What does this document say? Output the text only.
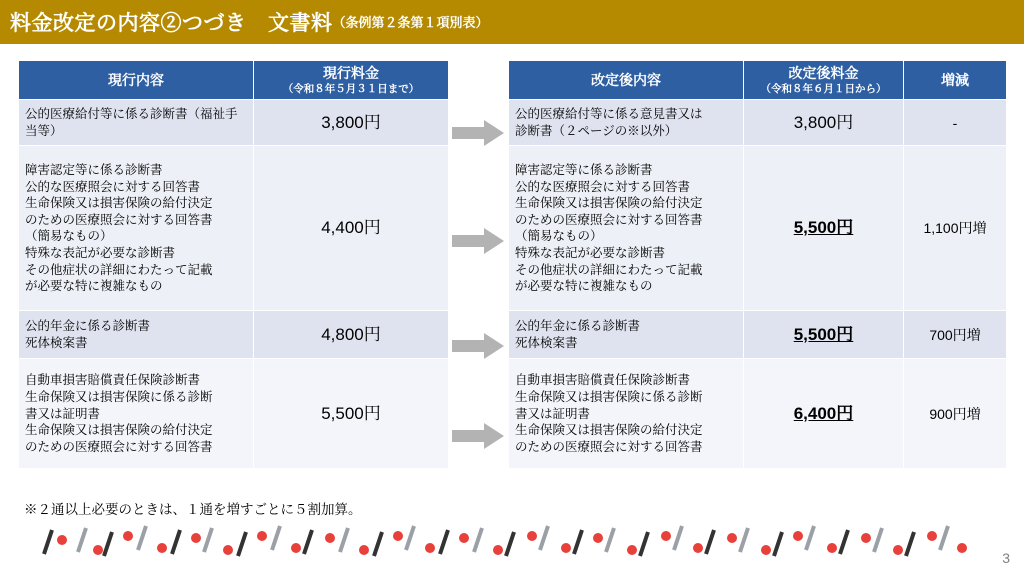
料金改定の内容②つづき　文書料 （条例第２条第１項別表）
現行内容	現行料金
（令和８年５月３１日まで）

公的医療給付等に係る診断書（福祉手当等）	3,800円
障害認定等に係る診断書
公的な医療照会に対する回答書
生命保険又は損害保険の給付決定
のための医療照会に対する回答書
（簡易なもの）
特殊な表記が必要な診断書
その他症状の詳細にわたって記載
が必要な特に複雑なもの	4,400円
公的年金に係る診断書
死体検案書	4,800円
自動車損害賠償責任保険診断書
生命保険又は損害保険に係る診断
書又は証明書
生命保険又は損害保険の給付決定
のための医療照会に対する回答書	5,500円
改定後内容	改定後料金
（令和８年６月１日から）	増減
公的医療給付等に係る意見書又は
診断書（２ページの※以外）	3,800円	-
障害認定等に係る診断書
公的な医療照会に対する回答書
生命保険又は損害保険の給付決定
のための医療照会に対する回答書
（簡易なもの）
特殊な表記が必要な診断書
その他症状の詳細にわたって記載
が必要な特に複雑なもの	5,500円	1,100円増
公的年金に係る診断書
死体検案書	5,500円	700円増
自動車損害賠償責任保険診断書
生命保険又は損害保険に係る診断
書又は証明書
生命保険又は損害保険の給付決定
のための医療照会に対する回答書	6,400円	900円増
※２通以上必要のときは、１通を増すごとに５割加算。
3
